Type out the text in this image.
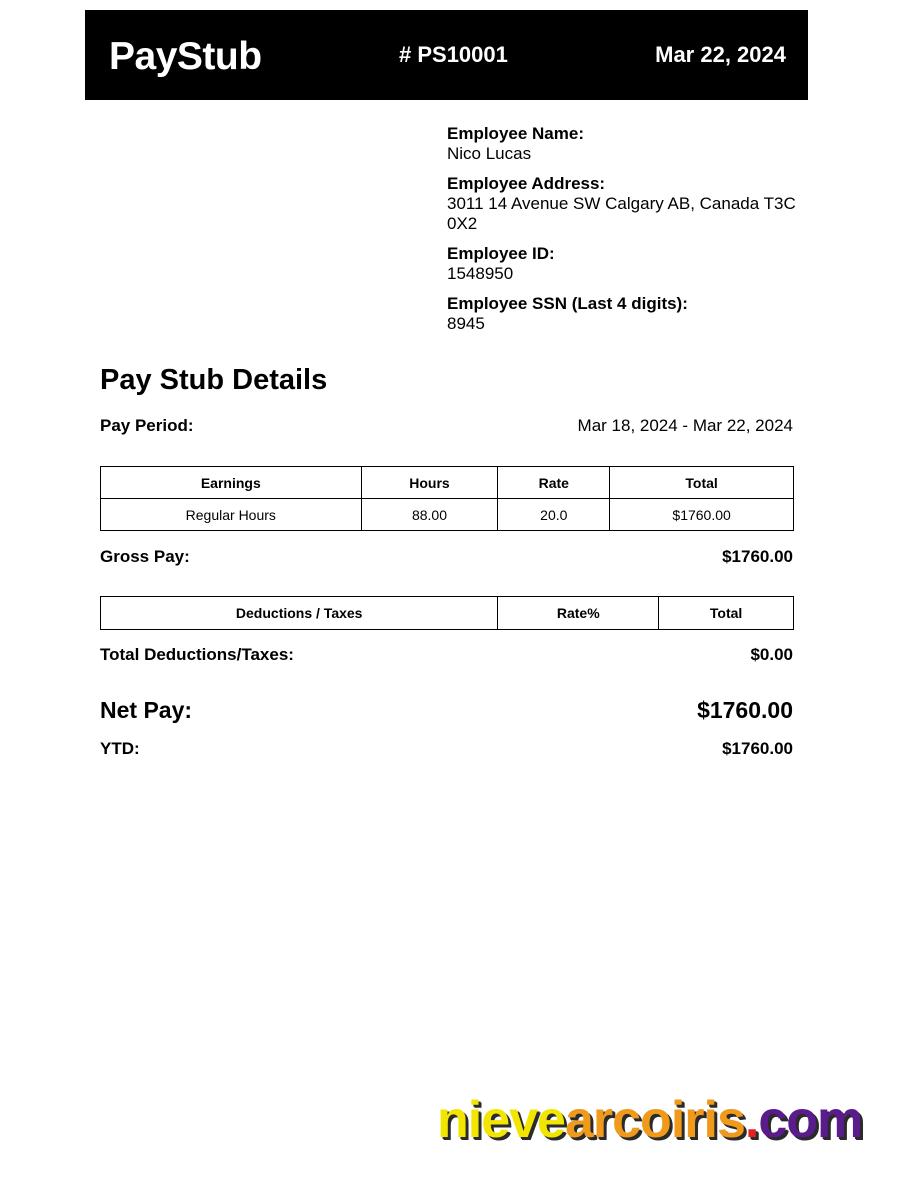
PayStub	# PS10001	Mar 22, 2024
Employee Name:
Nico Lucas
Employee Address:
3011 14 Avenue SW Calgary AB, Canada T3C 0X2
Employee ID:
1548950
Employee SSN (Last 4 digits):
8945
Pay Stub Details
Pay Period:	Mar 18, 2024 - Mar 22, 2024
Earnings	Hours	Rate	Total
Regular Hours	88.00	20.0	$1760.00
Gross Pay:	$1760.00
Deductions / Taxes	Rate%	Total
Total Deductions/Taxes:	$0.00
Net Pay:	$1760.00
YTD:	$1760.00
nievearcoiris.com
